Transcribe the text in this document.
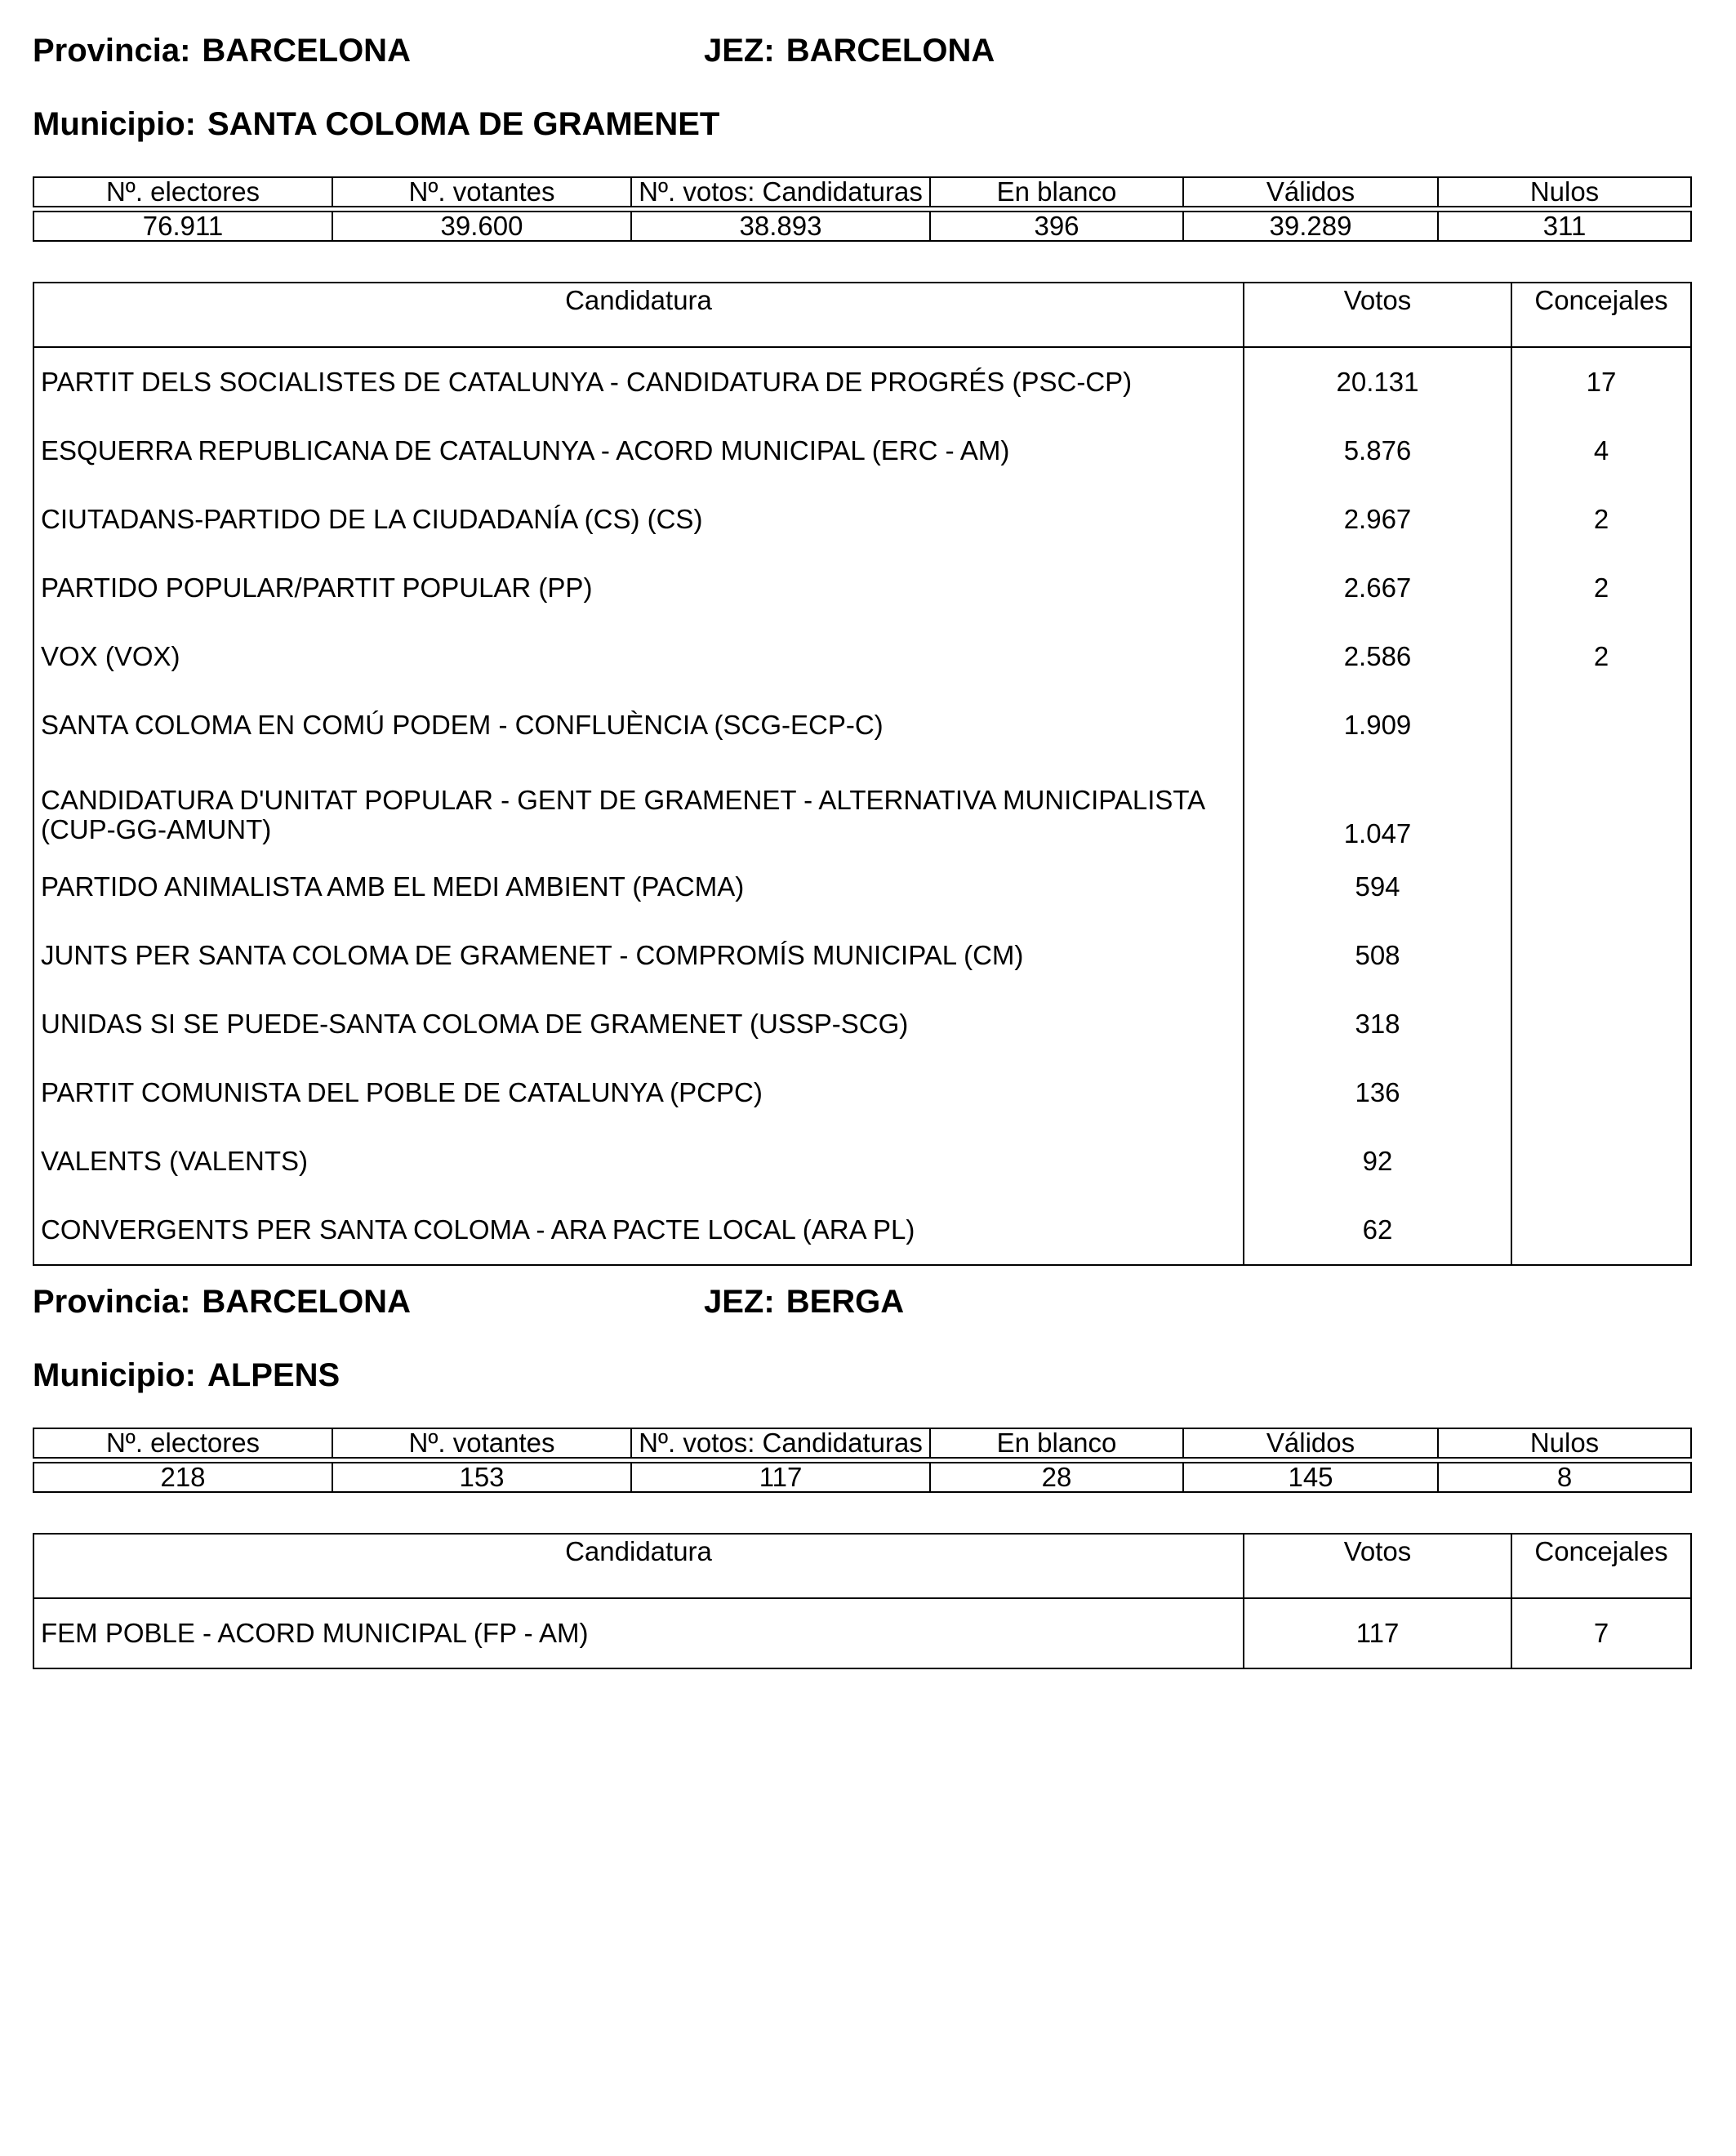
Provincia: BARCELONA	JEZ: BARCELONA
Municipio: SANTA COLOMA DE GRAMENET
Nº. electores	Nº. votantes	Nº. votos: Candidaturas	En blanco	Válidos	Nulos

76.911	39.600	38.893	396	39.289	311
Candidatura	Votos	Concejales
PARTIT DELS SOCIALISTES DE CATALUNYA - CANDIDATURA DE PROGRÉS (PSC-CP)	20.131	17
ESQUERRA REPUBLICANA DE CATALUNYA - ACORD MUNICIPAL (ERC - AM)	5.876	4
CIUTADANS-PARTIDO DE LA CIUDADANÍA (CS) (CS)	2.967	2
PARTIDO POPULAR/PARTIT POPULAR (PP)	2.667	2
VOX (VOX)	2.586	2
SANTA COLOMA EN COMÚ PODEM - CONFLUÈNCIA (SCG-ECP-C)	1.909	
CANDIDATURA D'UNITAT POPULAR - GENT DE GRAMENET - ALTERNATIVA MUNICIPALISTA (CUP-GG-AMUNT)	1.047	
PARTIDO ANIMALISTA AMB EL MEDI AMBIENT (PACMA)	594	
JUNTS PER SANTA COLOMA DE GRAMENET - COMPROMÍS MUNICIPAL (CM)	508	
UNIDAS SI SE PUEDE-SANTA COLOMA DE GRAMENET (USSP-SCG)	318	
PARTIT COMUNISTA DEL POBLE DE CATALUNYA (PCPC)	136	
VALENTS (VALENTS)	92	
CONVERGENTS PER SANTA COLOMA - ARA PACTE LOCAL (ARA PL)	62	
Provincia: BARCELONA	JEZ: BERGA
Municipio: ALPENS
Nº. electores	Nº. votantes	Nº. votos: Candidaturas	En blanco	Válidos	Nulos

218	153	117	28	145	8
Candidatura	Votos	Concejales
FEM POBLE - ACORD MUNICIPAL (FP - AM)	117	7
